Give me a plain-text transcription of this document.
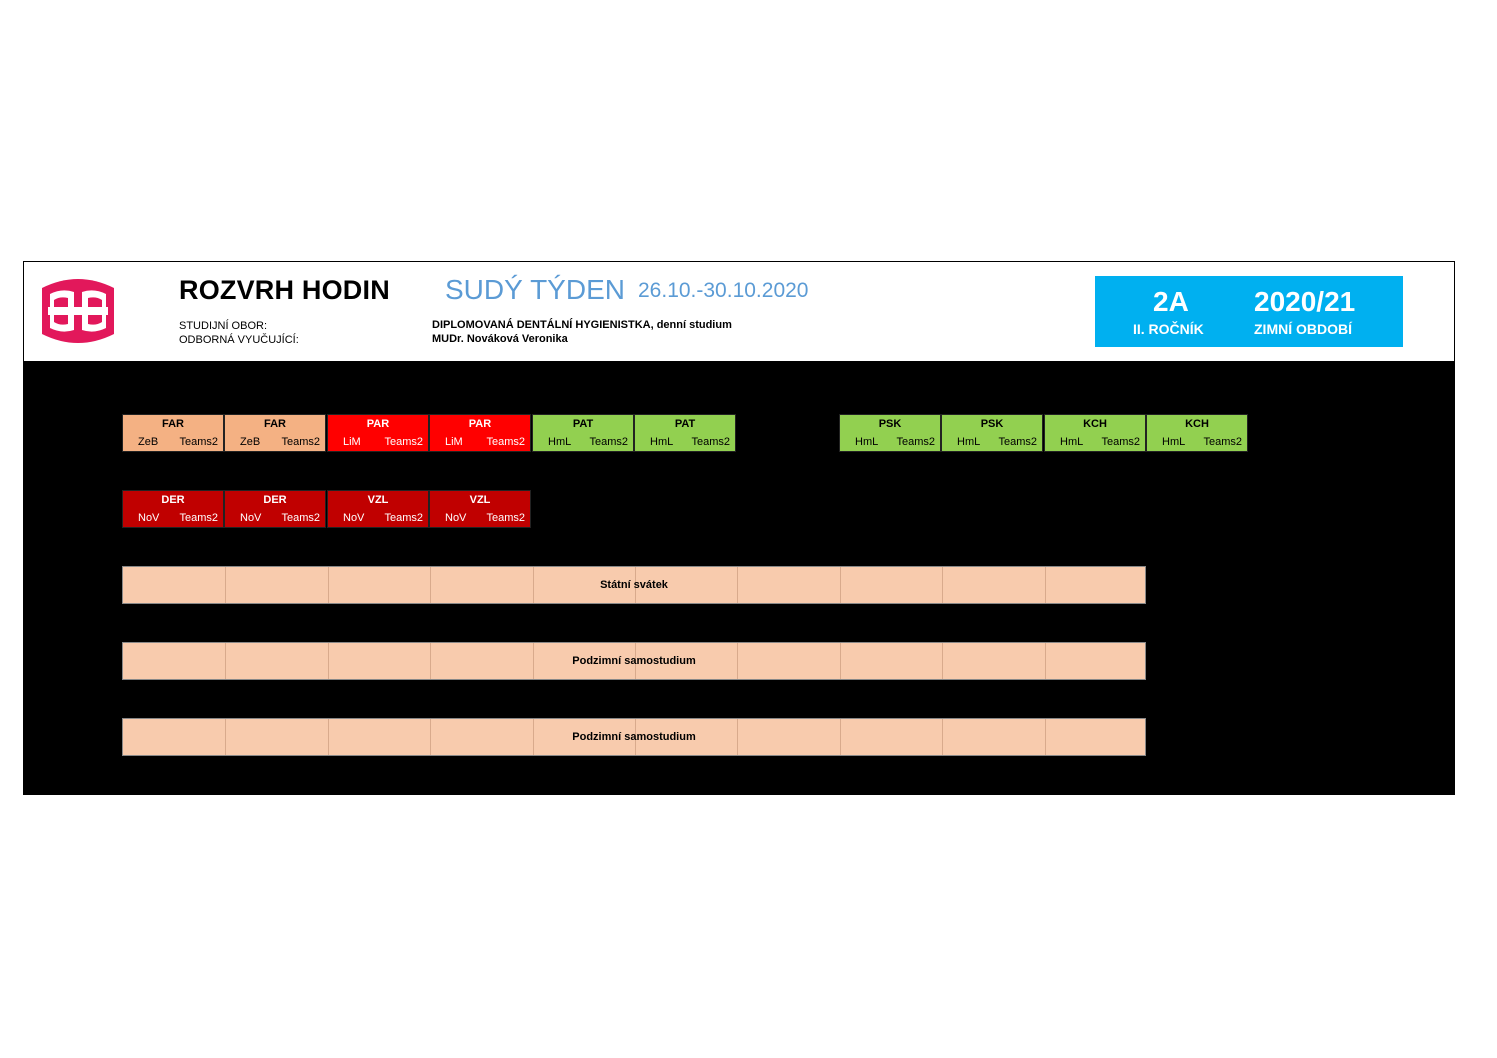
ROZVRH HODIN SUDÝ TÝDEN 26.10.-30.10.2020
STUDIJNÍ OBOR:
ODBORNÁ VYUČUJÍCÍ:
DIPLOMOVANÁ DENTÁLNÍ HYGIENISTKA, denní studium
MUDr. Nováková Veronika
2A
II. ROČNÍK
2020/21
ZIMNÍ OBDOBÍ
FAR
ZeB Teams2
FAR
ZeB Teams2
PAR
LiM Teams2
PAR
LiM Teams2
PAT
HmL Teams2
PAT
HmL Teams2
PSK
HmL Teams2
PSK
HmL Teams2
KCH
HmL Teams2
KCH
HmL Teams2
DER
NoV Teams2
DER
NoV Teams2
VZL
NoV Teams2
VZL
NoV Teams2
Státní svátek
Podzimní samostudium
Podzimní samostudium
